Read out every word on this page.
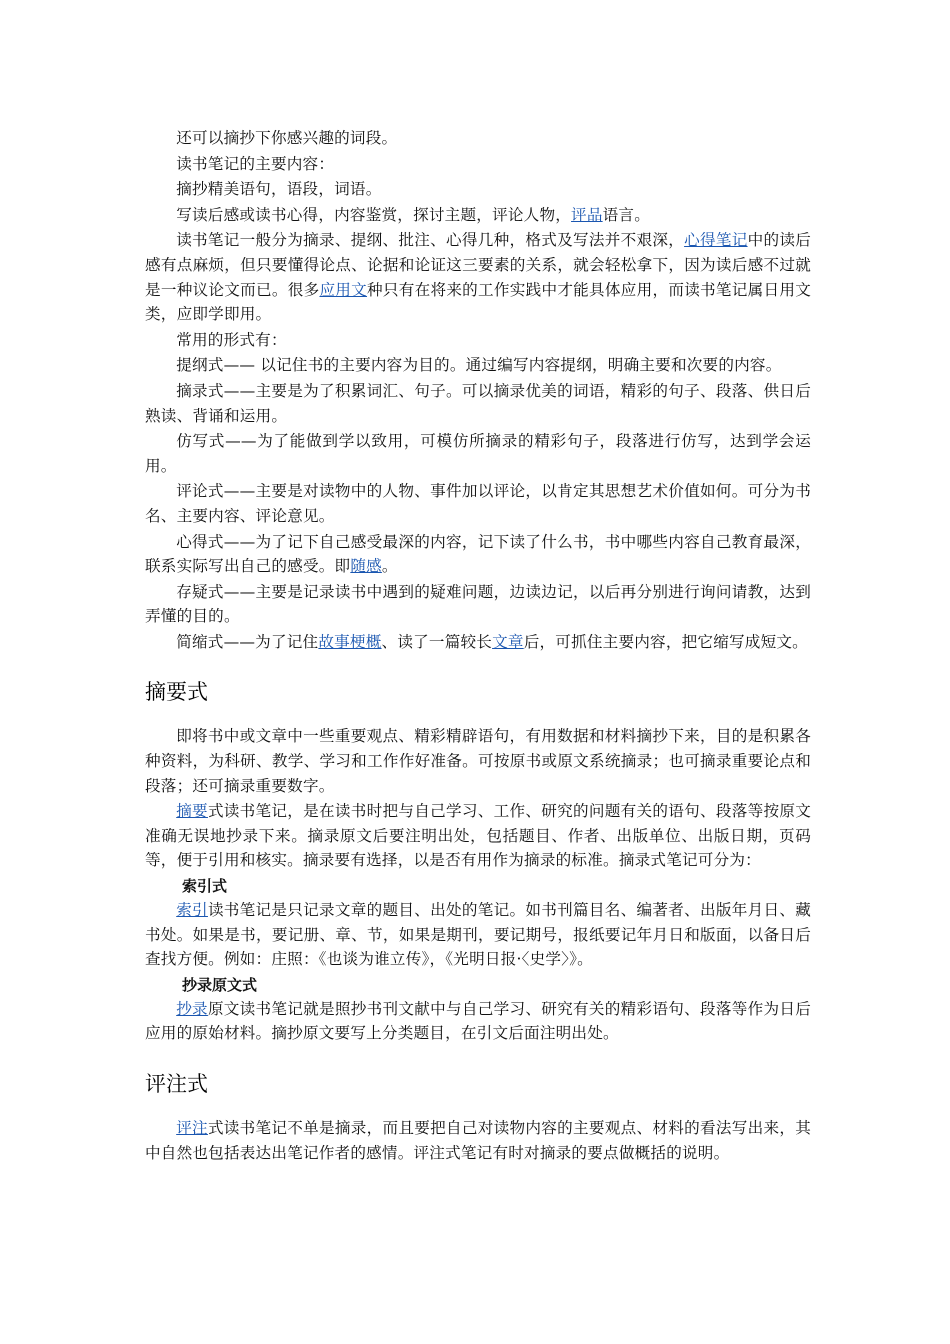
还可以摘抄下你感兴趣的词段。

读书笔记的主要内容：

摘抄精美语句，语段，词语。

写读后感或读书心得，内容鉴赏，探讨主题，评论人物，评品语言。

读书笔记一般分为摘录、提纲、批注、心得几种，格式及写法并不艰深，心得笔记中的读后感有点麻烦，但只要懂得论点、论据和论证这三要素的关系，就会轻松拿下，因为读后感不过就是一种议论文而已。很多应用文种只有在将来的工作实践中才能具体应用，而读书笔记属日用文类，应即学即用。

常用的形式有：

提纲式—— 以记住书的主要内容为目的。通过编写内容提纲，明确主要和次要的内容。

摘录式——主要是为了积累词汇、句子。可以摘录优美的词语，精彩的句子、段落、供日后熟读、背诵和运用。

仿写式——为了能做到学以致用，可模仿所摘录的精彩句子，段落进行仿写，达到学会运用。

评论式——主要是对读物中的人物、事件加以评论，以肯定其思想艺术价值如何。可分为书名、主要内容、评论意见。

心得式——为了记下自己感受最深的内容，记下读了什么书，书中哪些内容自己教育最深，联系实际写出自己的感受。即随感。

存疑式——主要是记录读书中遇到的疑难问题，边读边记，以后再分别进行询问请教，达到弄懂的目的。

简缩式——为了记住故事梗概、读了一篇较长文章后，可抓住主要内容，把它缩写成短文。

摘要式

即将书中或文章中一些重要观点、精彩精辟语句，有用数据和材料摘抄下来，目的是积累各种资料，为科研、教学、学习和工作作好准备。可按原书或原文系统摘录；也可摘录重要论点和段落；还可摘录重要数字。

摘要式读书笔记，是在读书时把与自己学习、工作、研究的问题有关的语句、段落等按原文准确无误地抄录下来。摘录原文后要注明出处，包括题目、作者、出版单位、出版日期，页码等，便于引用和核实。摘录要有选择，以是否有用作为摘录的标准。摘录式笔记可分为：

索引式

索引读书笔记是只记录文章的题目、出处的笔记。如书刊篇目名、编著者、出版年月日、藏书处。如果是书，要记册、章、节，如果是期刊，要记期号，报纸要记年月日和版面，以备日后查找方便。例如：庄照：《也谈为谁立传》，《光明日报·〈史学〉》。

抄录原文式

抄录原文读书笔记就是照抄书刊文献中与自己学习、研究有关的精彩语句、段落等作为日后应用的原始材料。摘抄原文要写上分类题目，在引文后面注明出处。

评注式

评注式读书笔记不单是摘录，而且要把自己对读物内容的主要观点、材料的看法写出来，其中自然也包括表达出笔记作者的感情。评注式笔记有时对摘录的要点做概括的说明。
